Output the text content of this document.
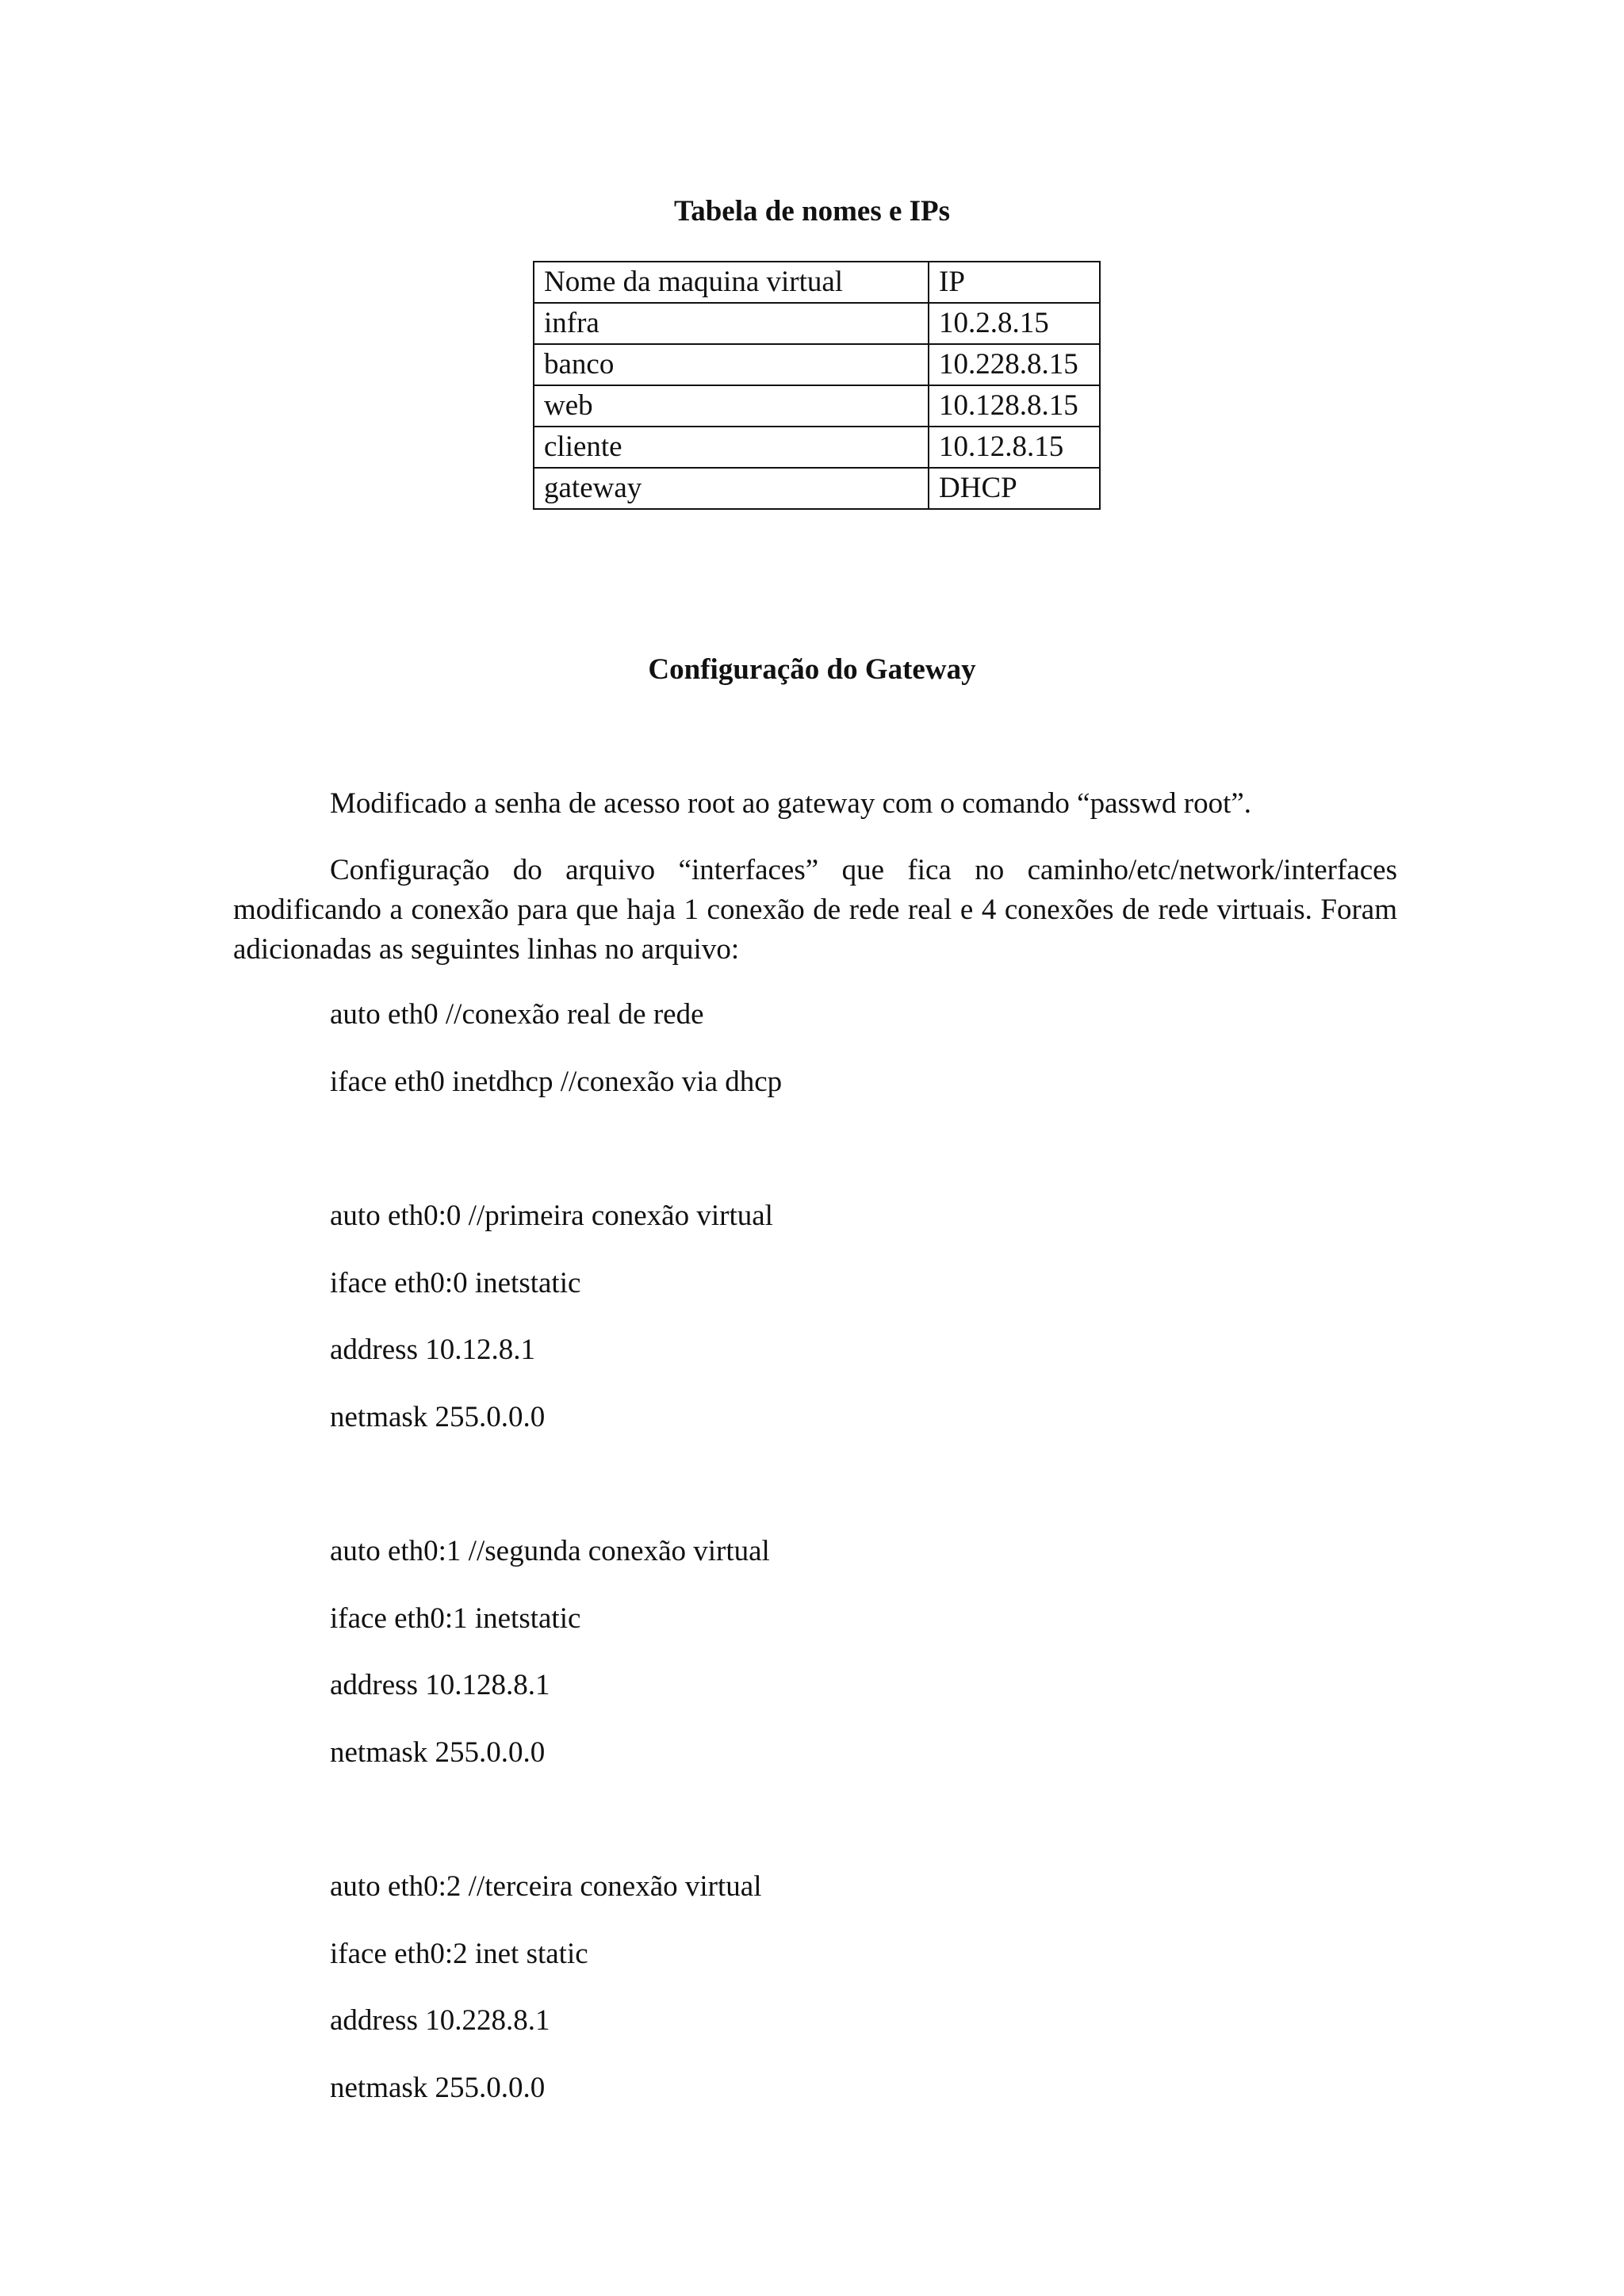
Tabela de nomes e IPs
Nome da maquina virtual	IP
infra	10.2.8.15
banco	10.228.8.15
web	10.128.8.15
cliente	10.12.8.15
gateway	DHCP
Configuração do Gateway
Modificado a senha de acesso root ao gateway com o comando “passwd root”.
Configuração do arquivo “interfaces” que fica no caminho/etc/network/interfaces modificando a conexão para que haja 1 conexão de rede real e 4 conexões de rede virtuais. Foram adicionadas as seguintes linhas no arquivo:
auto eth0 //conexão real de rede
iface eth0 inetdhcp //conexão via dhcp
auto eth0:0 //primeira conexão virtual
iface eth0:0 inetstatic
address 10.12.8.1
netmask 255.0.0.0
auto eth0:1 //segunda conexão virtual
iface eth0:1 inetstatic
address 10.128.8.1
netmask 255.0.0.0
auto eth0:2 //terceira conexão virtual
iface eth0:2 inet static
address 10.228.8.1
netmask 255.0.0.0
